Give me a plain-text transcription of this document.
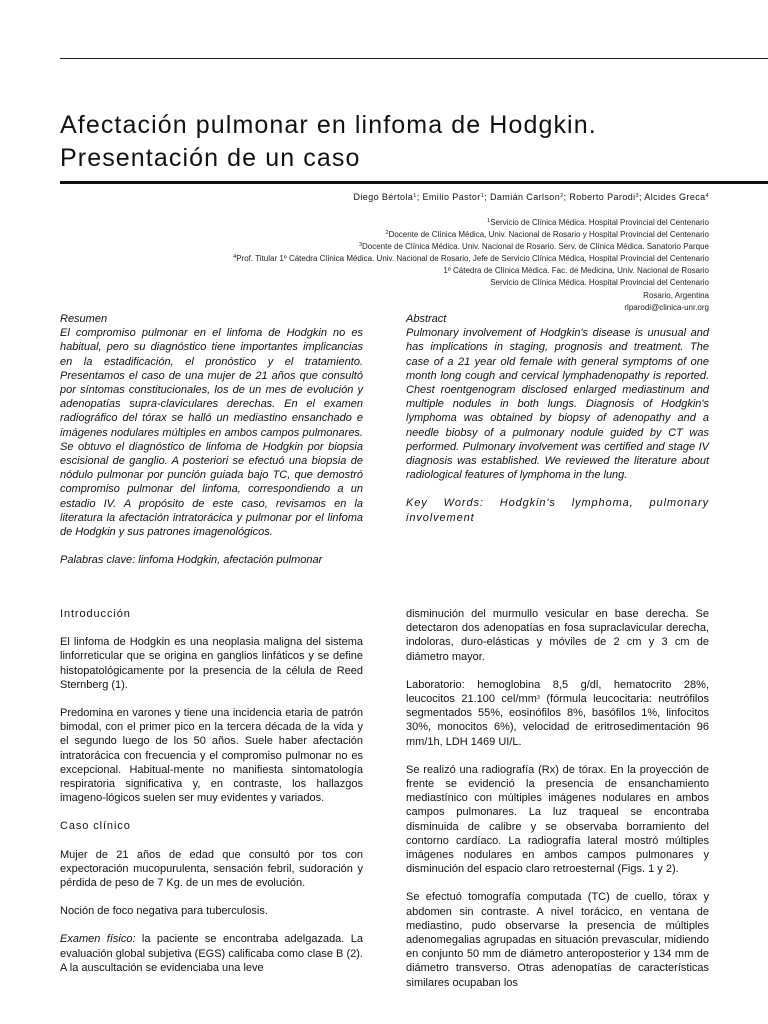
Afectación pulmonar en linfoma de Hodgkin.
Presentación de un caso
Diego Bértola$^1$; Emilio Pastor$^1$; Damián Carlson$^2$; Roberto Parodi$^3$; Alcides Greca$^4$
$^1$Servicio de Clínica Médica. Hospital Provincial del Centenario
$^2$Docente de Clínica Médica, Univ. Nacional de Rosario y Hospital Provincial del Centenario
$^3$Docente de Clínica Médica. Univ. Nacional de Rosario. Serv. de Clínica Médica. Sanatorio Parque
$^4$Prof. Titular 1º Cátedra Clínica Médica. Univ. Nacional de Rosario, Jefe de Servicio Clínica Médica, Hospital Provincial del Centenario
1º Cátedra de Clínica Médica. Fac. de Medicina, Univ. Nacional de Rosario
Servicio de Clínica Médica. Hospital Provincial del Centenario
Rosario, Argentina
rlparodi@clinica-unr.org

Resumen

El compromiso pulmonar en el linfoma de Hodgkin no es habitual, pero su diagnóstico tiene importantes implicancias en la estadificación, el pronóstico y el tratamiento. Presentamos el caso de una mujer de 21 años que consultó por síntomas constitucionales, los de un mes de evolución y adenopatías supra-claviculares derechas. En el examen radiográfico del tórax se halló un mediastino ensanchado e imágenes nodulares múltiples en ambos campos pulmonares. Se obtuvo el diagnóstico de linfoma de Hodgkin por biopsia escisional de ganglio. A posteriori se efectuó una biopsia de nódulo pulmonar por punción guiada bajo TC, que demostró compromiso pulmonar del linfoma, correspondiendo a un estadio IV. A propósito de este caso, revisamos en la literatura la afectación intratorácica y pulmonar por el linfoma de Hodgkin y sus patrones imagenológicos.

Palabras clave: linfoma Hodgkin, afectación pulmonar

Abstract

Pulmonary involvement of Hodgkin's disease is unusual and has implications in staging, prognosis and treatment. The case of a 21 year old female with general symptoms of one month long cough and cervical lymphadenopathy is reported. Chest roentgenogram disclosed enlarged mediastinum and multiple nodules in both lungs. Diagnosis of Hodgkin's lymphoma was obtained by biopsy of adenopathy and a needle biobsy of a pulmonary nodule guided by CT was performed. Pulmonary involvement was certified and stage IV diagnosis was established. We reviewed the literature about radiological features of lymphoma in the lung.

Key Words: Hodgkin's lymphoma, pulmonary involvement

Introducción

El linfoma de Hodgkin es una neoplasia maligna del sistema linforreticular que se origina en ganglios linfáticos y se define histopatológicamente por la presencia de la célula de Reed Sternberg (1).

Predomina en varones y tiene una incidencia etaria de patrón bimodal, con el primer pico en la tercera década de la vida y el segundo luego de los 50 años. Suele haber afectación intratorácica con frecuencia y el compromiso pulmonar no es excepcional. Habitual-mente no manifiesta sintomatología respiratoria significativa y, en contraste, los hallazgos imageno-lógicos suelen ser muy evidentes y variados.

Caso clínico

Mujer de 21 años de edad que consultó por tos con expectoración mucopurulenta, sensación febril, sudoración y pérdida de peso de 7 Kg. de un mes de evolución.

Noción de foco negativa para tuberculosis.

Examen físico: la paciente se encontraba adelgazada. La evaluación global subjetiva (EGS) calificaba como clase B (2). A la auscultación se evidenciaba una leve

disminución del murmullo vesicular en base derecha. Se detectaron dos adenopatías en fosa supraclavicular derecha, indoloras, duro-elásticas y móviles de 2 cm y 3 cm de diámetro mayor.

Laboratorio: hemoglobina 8,5 g/dl, hematocrito 28%, leucocitos 21.100 cel/$mm^3$ (fórmula leucocitaria: neutrófilos segmentados 55%, eosinófilos 8%, basófilos 1%, linfocitos 30%, monocitos 6%), velocidad de eritrosedimentación 96 mm/1h, LDH 1469 UI/L.

Se realizó una radiografía (Rx) de tórax. En la proyección de frente se evidenció la presencia de ensanchamiento mediastínico con múltiples imágenes nodulares en ambos campos pulmonares. La luz traqueal se encontraba disminuida de calibre y se observaba borramiento del contorno cardíaco. La radiografía lateral mostró múltiples imágenes nodulares en ambos campos pulmonares y disminución del espacio claro retroesternal (Figs. 1 y 2).

Se efectuó tomografía computada (TC) de cuello, tórax y abdomen sin contraste. A nivel torácico, en ventana de mediastino, pudo observarse la presencia de múltiples adenomegalias agrupadas en situación prevascular, midiendo en conjunto 50 mm de diámetro anteroposterior y 134 mm de diámetro transverso. Otras adenopatías de características similares ocupaban los
